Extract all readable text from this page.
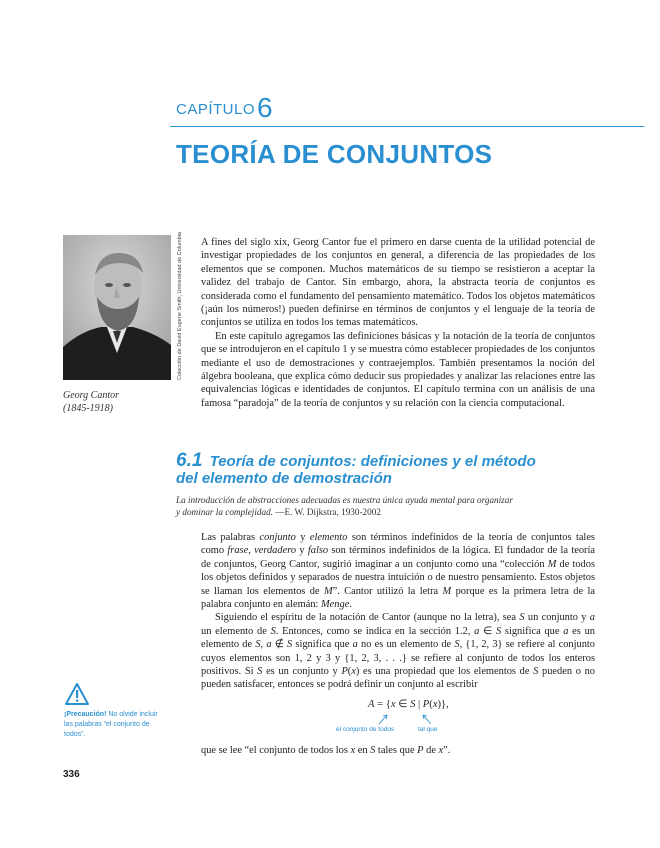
CAPÍTULO6
TEORÍA DE CONJUNTOS
Colección de David Eugene Smith, Universidad de Columbia
Georg Cantor
(1845-1918)

A fines del siglo xix, Georg Cantor fue el primero en darse cuenta de la utilidad potencial de investigar propiedades de los conjuntos en general, a diferencia de las propiedades de los elementos que se componen. Muchos matemáticos de su tiempo se resistieron a aceptar la validez del trabajo de Cantor. Sin embargo, ahora, la abstracta teoría de conjuntos es considerada como el fundamento del pensamiento matemático. Todos los objetos matemáticos (¡aún los números!) pueden definirse en términos de conjuntos y el lenguaje de la teoría de conjuntos se utiliza en todos los temas matemáticos.

En este capítulo agregamos las definiciones básicas y la notación de la teoría de conjuntos que se introdujeron en el capítulo 1 y se muestra cómo establecer propiedades de los conjuntos mediante el uso de demostraciones y contraejemplos. También presentamos la noción del álgebra booleana, que explica cómo deducir sus propiedades y analizar las relaciones entre las equivalencias lógicas e identidades de conjuntos. El capítulo termina con un análisis de una famosa “paradoja” de la teoría de conjuntos y su relación con la ciencia computacional.

6.1 Teoría de conjuntos: definiciones y el método
del elemento de demostración
La introducción de abstracciones adecuadas es nuestra única ayuda mental para organizar
y dominar la complejidad. —E. W. Dijkstra, 1930-2002

Las palabras conjunto y elemento son términos indefinidos de la teoría de conjuntos tales como frase, verdadero y falso son términos indefinidos de la lógica. El fundador de la teoría de conjuntos, Georg Cantor, sugirió imaginar a un conjunto como una “colección M de todos los objetos definidos y separados de nuestra intuición o de nuestro pensamiento. Estos objetos se llaman los elementos de M”. Cantor utilizó la letra M porque es la primera letra de la palabra conjunto en alemán: Menge.

Siguiendo el espíritu de la notación de Cantor (aunque no la letra), sea S un conjunto y a un elemento de S. Entonces, como se indica en la sección 1.2, a ∈ S significa que a es un elemento de S, a ∉ S significa que a no es un elemento de S, {1, 2, 3} se refiere al conjunto cuyos elementos son 1, 2 y 3 y {1, 2, 3, . . .} se refiere al conjunto de todos los enteros positivos. Si S es un conjunto y P(x) es una propiedad que los elementos de S pueden o no pueden satisfacer, entonces se podrá definir un conjunto al escribir

A = {x ∈ S | P(x)},
el conjunto de todos	tal que
que se lee “el conjunto de todos los x en S tales que P de x”.
¡Precaución! No olvide incluir las palabras “el conjunto de todos”.
336
